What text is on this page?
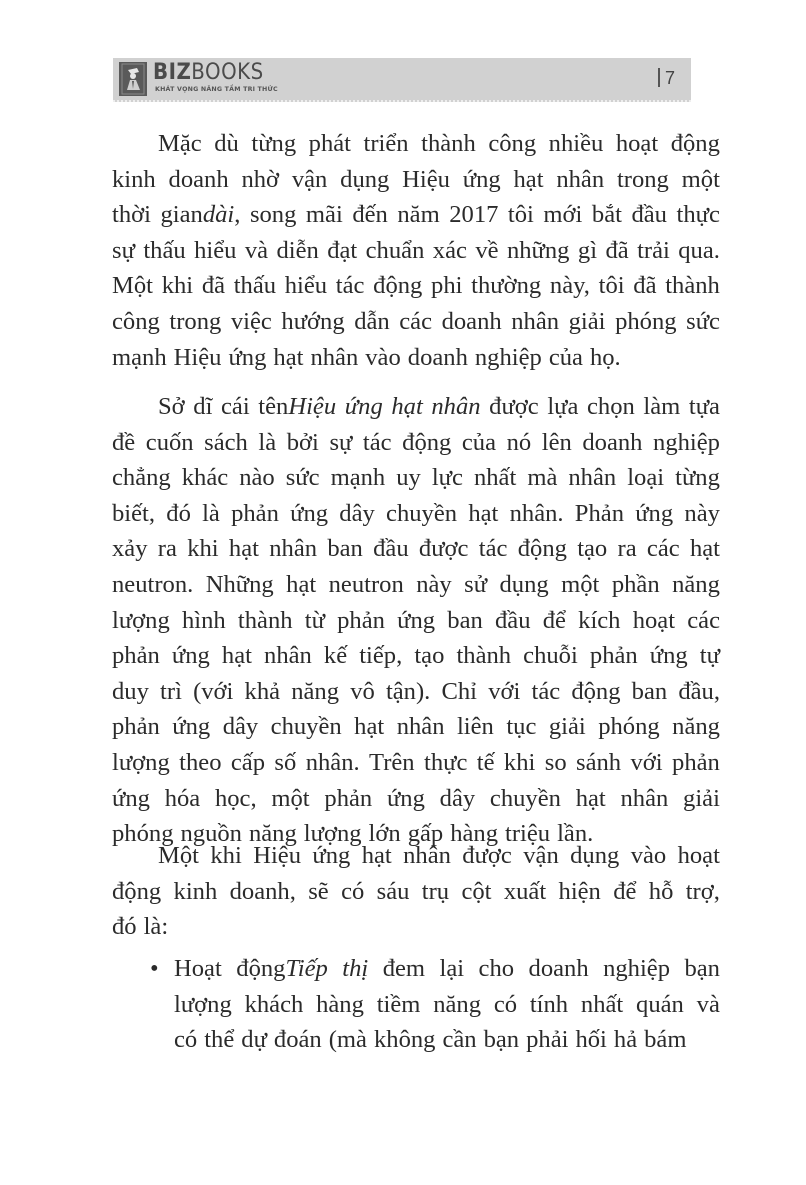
BIZBOOKS
KHÁT VỌNG NÂNG TẦM TRI THỨC
7
Mặc dù từng phát triển thành công nhiều hoạt động
kinh doanh nhờ vận dụng Hiệu ứng hạt nhân trong một
thời giandài, song mãi đến năm 2017 tôi mới bắt đầu thực
sự thấu hiểu và diễn đạt chuẩn xác về những gì đã trải qua.
Một khi đã thấu hiểu tác động phi thường này, tôi đã thành
công trong việc hướng dẫn các doanh nhân giải phóng sức
mạnh Hiệu ứng hạt nhân vào doanh nghiệp của họ.
Sở dĩ cái tênHiệu ứng hạt nhân được lựa chọn làm tựa
đề cuốn sách là bởi sự tác động của nó lên doanh nghiệp
chẳng khác nào sức mạnh uy lực nhất mà nhân loại từng
biết, đó là phản ứng dây chuyền hạt nhân. Phản ứng này
xảy ra khi hạt nhân ban đầu được tác động tạo ra các hạt
neutron. Những hạt neutron này sử dụng một phần năng
lượng hình thành từ phản ứng ban đầu để kích hoạt các
phản ứng hạt nhân kế tiếp, tạo thành chuỗi phản ứng tự
duy trì (với khả năng vô tận). Chỉ với tác động ban đầu,
phản ứng dây chuyền hạt nhân liên tục giải phóng năng
lượng theo cấp số nhân. Trên thực tế khi so sánh với phản
ứng hóa học, một phản ứng dây chuyền hạt nhân giải
phóng nguồn năng lượng lớn gấp hàng triệu lần.
Một khi Hiệu ứng hạt nhân được vận dụng vào hoạt
động kinh doanh, sẽ có sáu trụ cột xuất hiện để hỗ trợ,
đó là:
• Hoạt độngTiếp thị đem lại cho doanh nghiệp bạn
lượng khách hàng tiềm năng có tính nhất quán và
có thể dự đoán (mà không cần bạn phải hối hả bám
